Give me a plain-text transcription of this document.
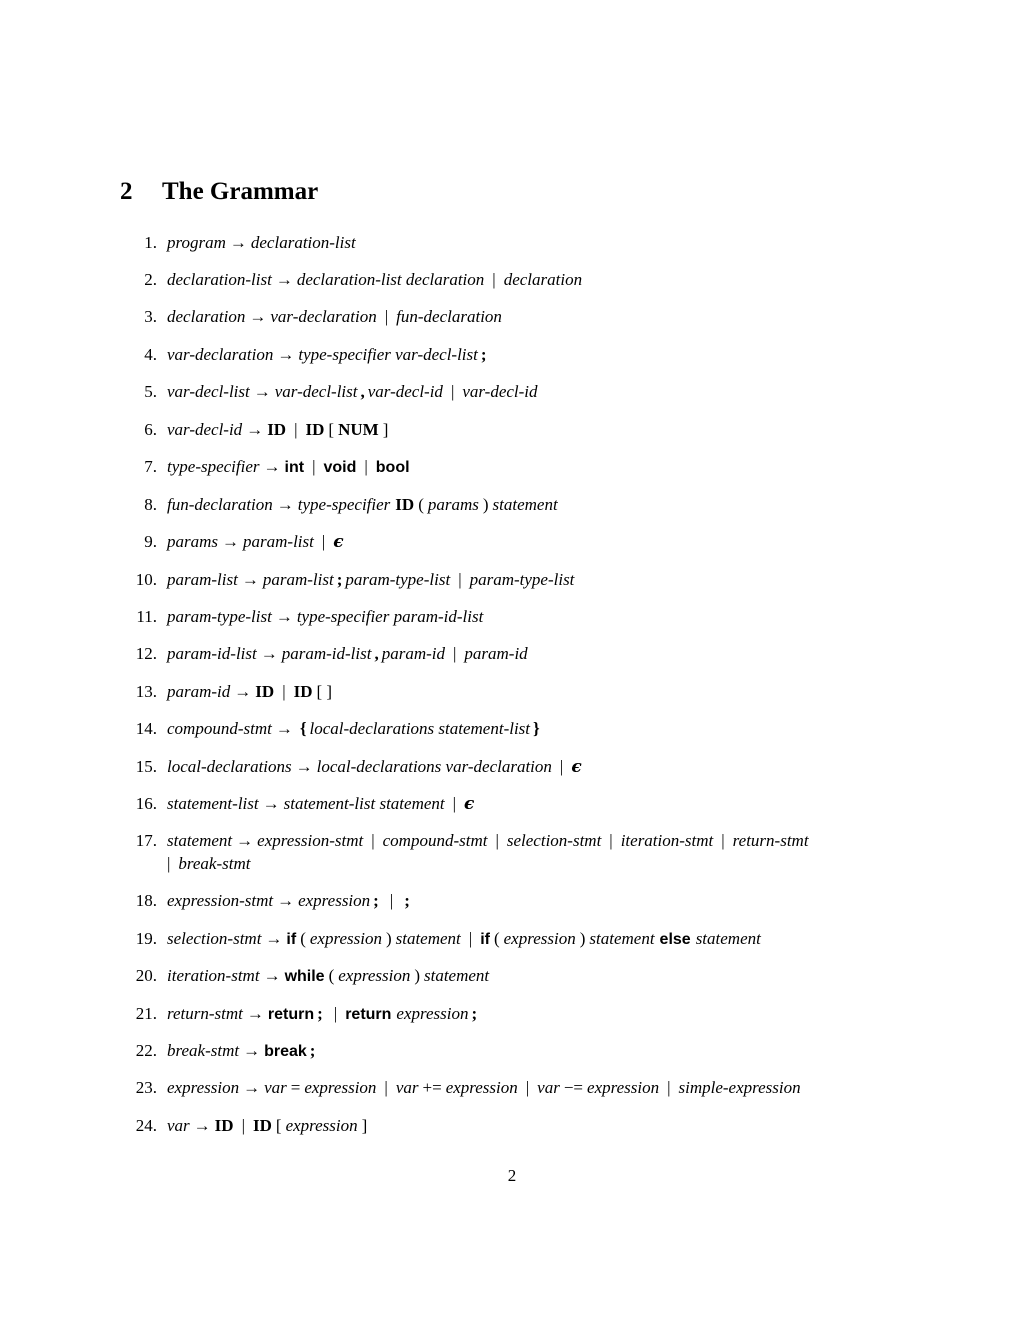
2 The Grammar
1. program → declaration-list
2. declaration-list → declaration-list declaration | declaration
3. declaration → var-declaration | fun-declaration
4. var-declaration → type-specifier var-decl-list ;
5. var-decl-list → var-decl-list , var-decl-id | var-decl-id
6. var-decl-id → ID | ID [ NUM ]
7. type-specifier → int | void | bool
8. fun-declaration → type-specifier ID ( params ) statement
9. params → param-list | ϵ
10. param-list → param-list ; param-type-list | param-type-list
11. param-type-list → type-specifier param-id-list
12. param-id-list → param-id-list , param-id | param-id
13. param-id → ID | ID [ ]
14. compound-stmt → { local-declarations statement-list }
15. local-declarations → local-declarations var-declaration | ϵ
16. statement-list → statement-list statement | ϵ
17. statement → expression-stmt | compound-stmt | selection-stmt | iteration-stmt | return-stmt
| break-stmt
18. expression-stmt → expression ; | ;
19. selection-stmt → if ( expression ) statement | if ( expression ) statement else statement
20. iteration-stmt → while ( expression ) statement
21. return-stmt → return ; | return expression ;
22. break-stmt → break ;
23. expression → var = expression | var += expression | var −= expression | simple-expression
24. var → ID | ID [ expression ]
2
